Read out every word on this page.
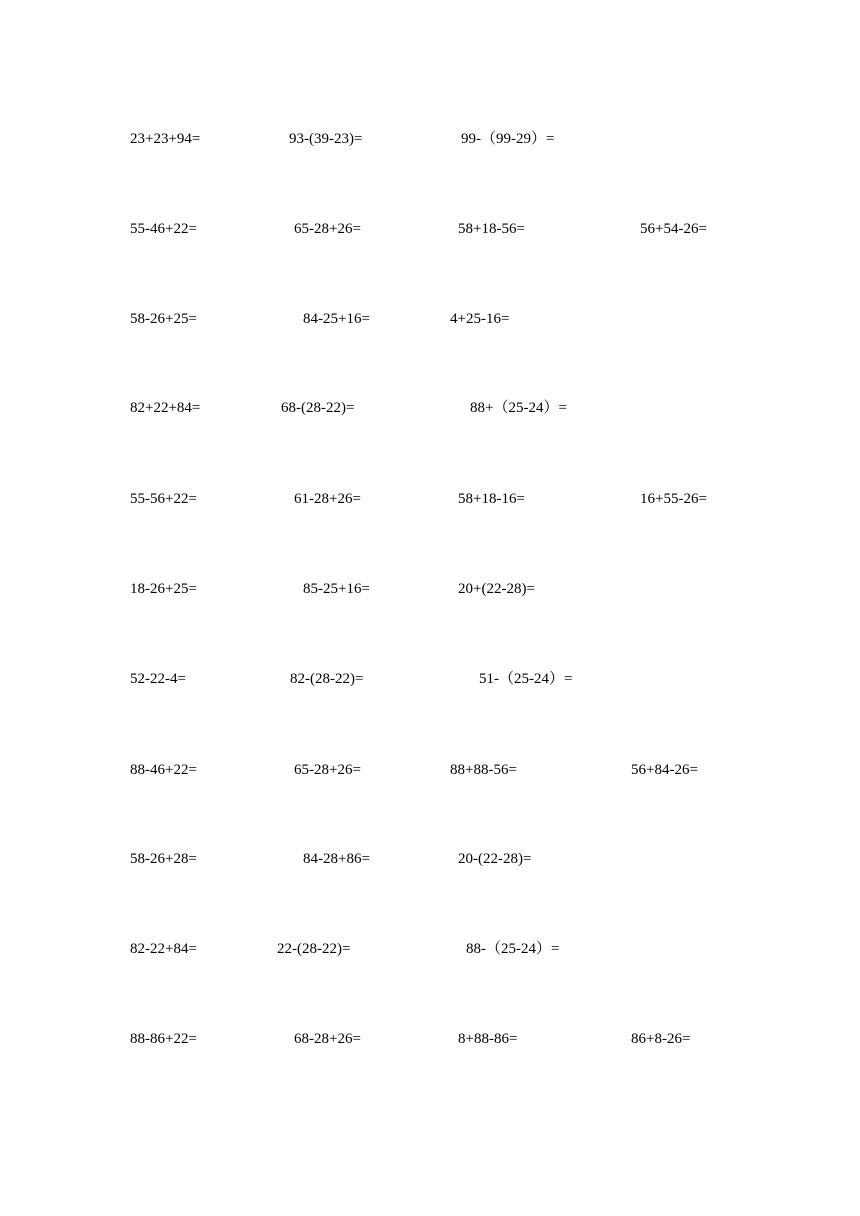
23+23+94=	93-(39-23)=	99-（99-29）=
55-46+22=	65-28+26=	58+18-56=	56+54-26=
58-26+25=	84-25+16=	4+25-16=
82+22+84=	68-(28-22)=	88+（25-24）=
55-56+22=	61-28+26=	58+18-16=	16+55-26=
18-26+25=	85-25+16=	20+(22-28)=
52-22-4=	82-(28-22)=	51-（25-24）=
88-46+22=	65-28+26=	88+88-56=	56+84-26=
58-26+28=	84-28+86=	20-(22-28)=
82-22+84=	22-(28-22)=	88-（25-24）=
88-86+22=	68-28+26=	8+88-86=	86+8-26=
